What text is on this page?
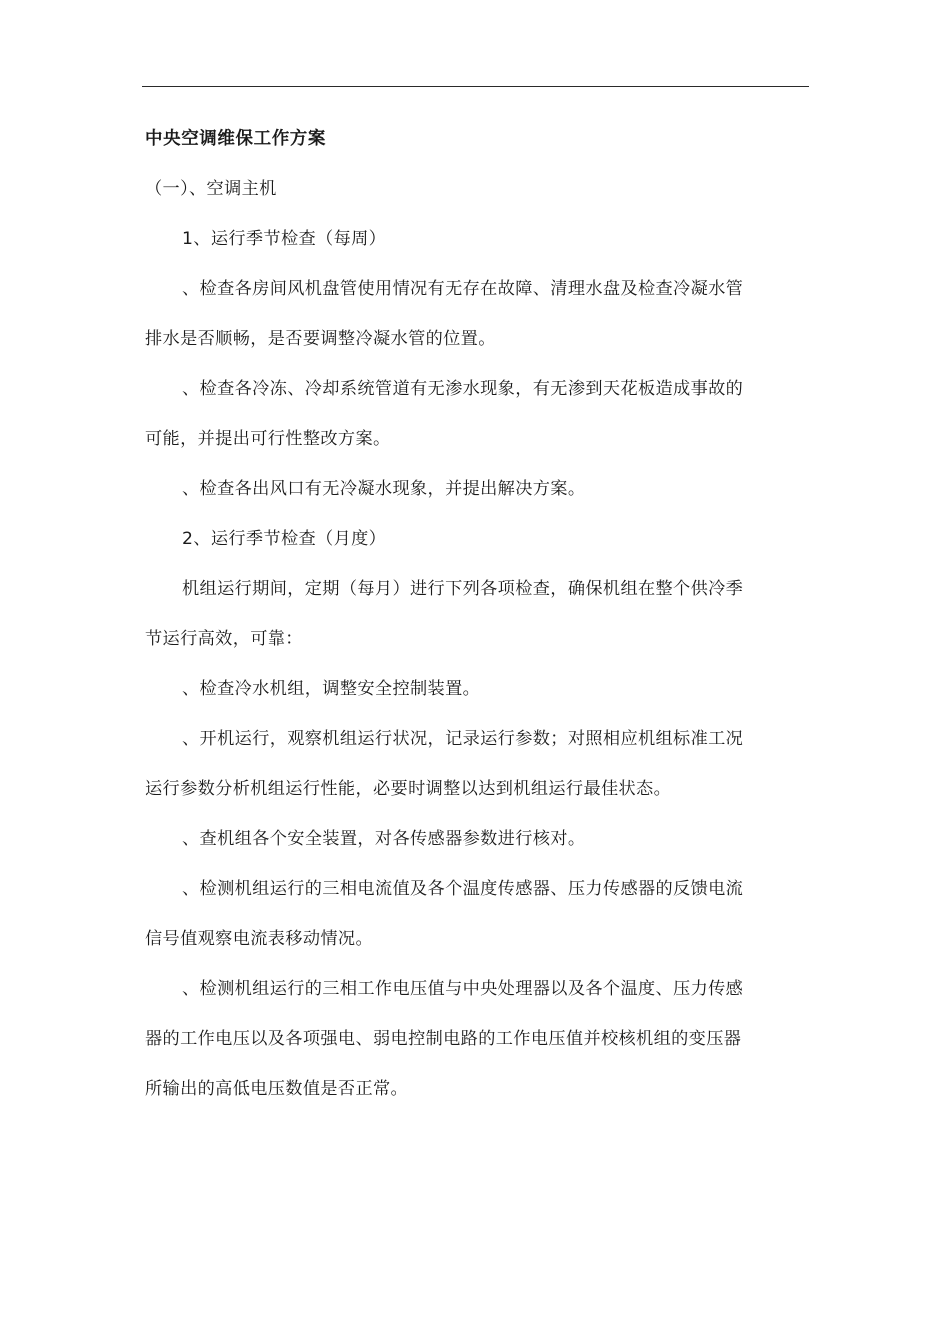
中央空调维保工作方案
（一）、空调主机
1、运行季节检查（每周）
、检查各房间风机盘管使用情况有无存在故障、清理水盘及检查冷凝水管
排水是否顺畅，是否要调整冷凝水管的位置。
、检查各冷冻、冷却系统管道有无渗水现象，有无渗到天花板造成事故的
可能，并提出可行性整改方案。
、检查各出风口有无冷凝水现象，并提出解决方案。
2、运行季节检查（月度）
机组运行期间，定期（每月）进行下列各项检查，确保机组在整个供冷季
节运行高效，可靠：
、检查冷水机组，调整安全控制装置。
、开机运行，观察机组运行状况，记录运行参数；对照相应机组标准工况
运行参数分析机组运行性能，必要时调整以达到机组运行最佳状态。
、查机组各个安全装置，对各传感器参数进行核对。
、检测机组运行的三相电流值及各个温度传感器、压力传感器的反馈电流
信号值观察电流表移动情况。
、检测机组运行的三相工作电压值与中央处理器以及各个温度、压力传感
器的工作电压以及各项强电、弱电控制电路的工作电压值并校核机组的变压器
所输出的高低电压数值是否正常。
